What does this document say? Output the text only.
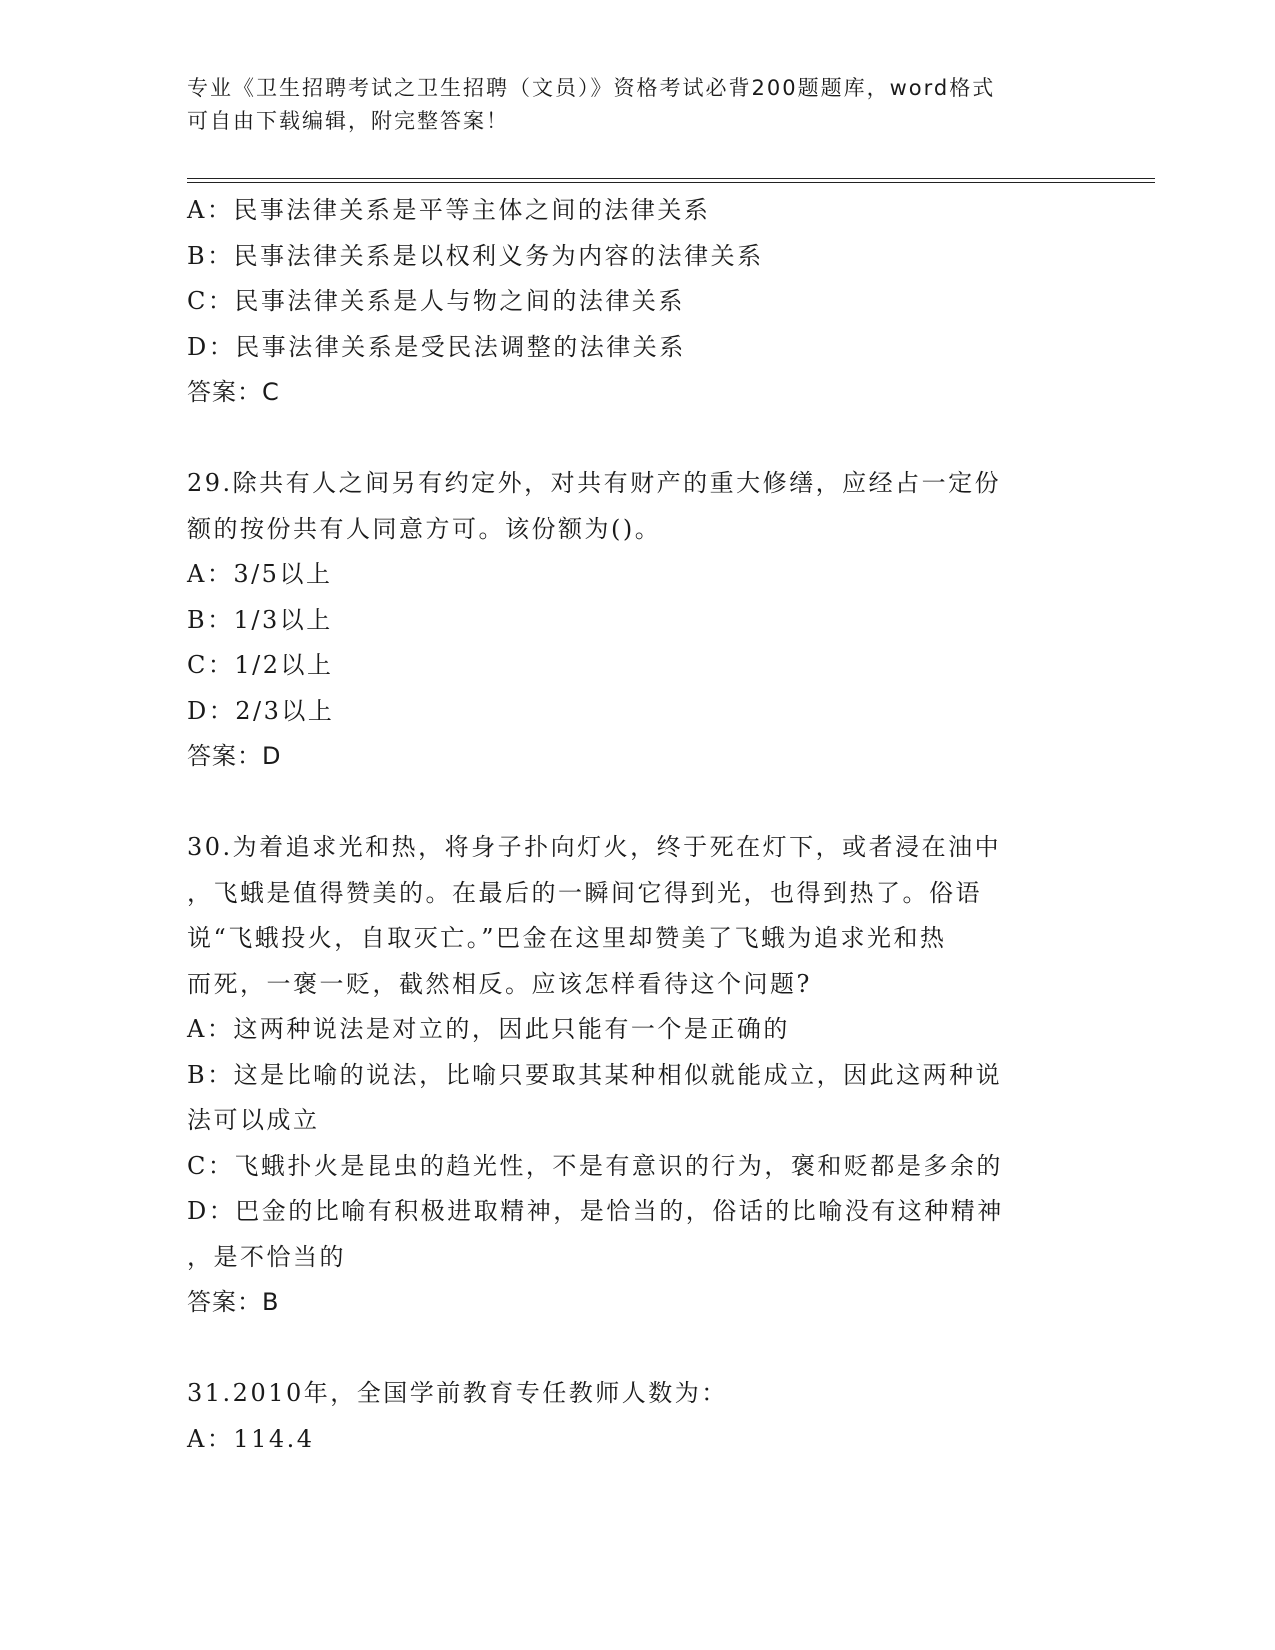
专业《卫生招聘考试之卫生招聘（文员）》资格考试必背200题题库，word格式
可自由下载编辑，附完整答案！

A：民事法律关系是平等主体之间的法律关系

B：民事法律关系是以权利义务为内容的法律关系

C：民事法律关系是人与物之间的法律关系

D：民事法律关系是受民法调整的法律关系

答案：C

29.除共有人之间另有约定外，对共有财产的重大修缮，应经占一定份

额的按份共有人同意方可。该份额为()。

A：3/5以上

B：1/3以上

C：1/2以上

D：2/3以上

答案：D

30.为着追求光和热，将身子扑向灯火，终于死在灯下，或者浸在油中

，飞蛾是值得赞美的。在最后的一瞬间它得到光，也得到热了。俗语

说“飞蛾投火，自取灭亡。”巴金在这里却赞美了飞蛾为追求光和热

而死，一褒一贬，截然相反。应该怎样看待这个问题?

A：这两种说法是对立的，因此只能有一个是正确的

B：这是比喻的说法，比喻只要取其某种相似就能成立，因此这两种说

法可以成立

C：飞蛾扑火是昆虫的趋光性，不是有意识的行为，褒和贬都是多余的

D：巴金的比喻有积极进取精神，是恰当的，俗话的比喻没有这种精神

，是不恰当的

答案：B

31.2010年，全国学前教育专任教师人数为：

A：114.4
